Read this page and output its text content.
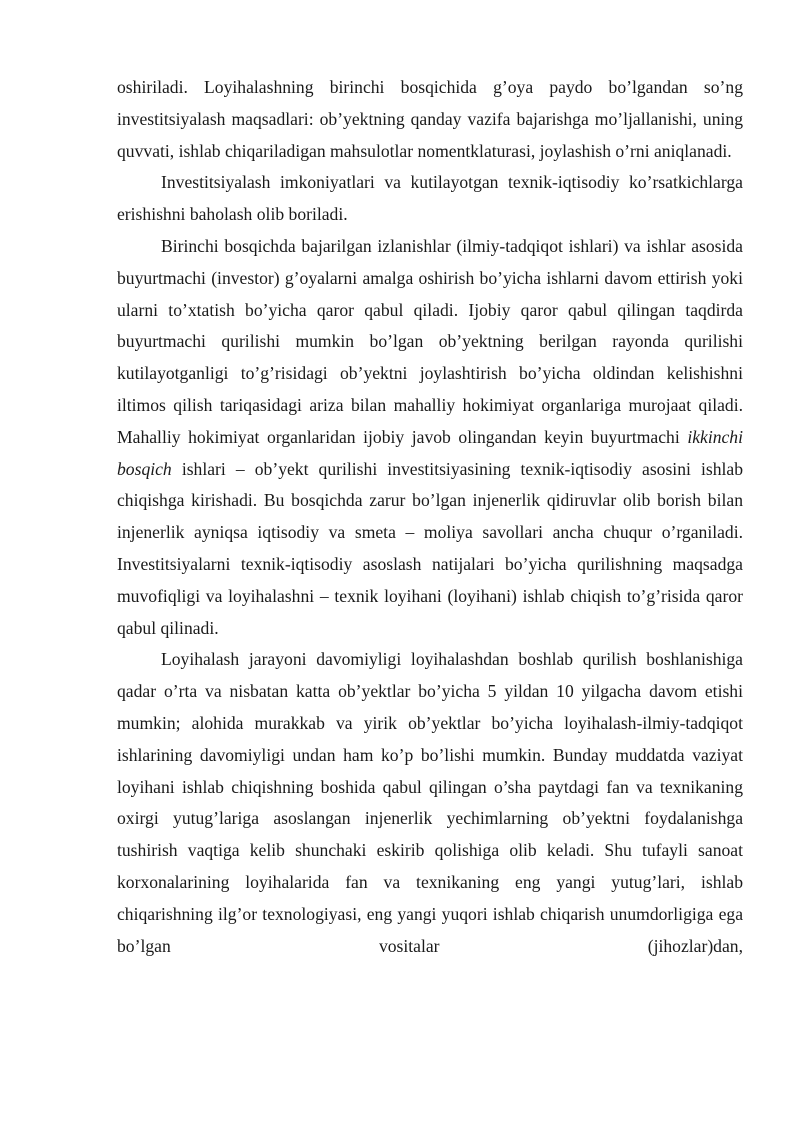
oshiriladi. Loyihalashning birinchi bosqichida g’oya paydo bo’lgandan so’ng investitsiyalash maqsadlari: ob’yektning qanday vazifa bajarishga mo’ljallanishi, uning quvvati, ishlab chiqariladigan mahsulotlar nomentklaturasi, joylashish o’rni aniqlanadi.

Investitsiyalash imkoniyatlari va kutilayotgan texnik-iqtisodiy ko’rsatkichlarga erishishni baholash olib boriladi.

Birinchi bosqichda bajarilgan izlanishlar (ilmiy-tadqiqot ishlari) va ishlar asosida buyurtmachi (investor) g’oyalarni amalga oshirish bo’yicha ishlarni davom ettirish yoki ularni to’xtatish bo’yicha qaror qabul qiladi. Ijobiy qaror qabul qilingan taqdirda buyurtmachi qurilishi mumkin bo’lgan ob’yektning berilgan rayonda qurilishi kutilayotganligi to’g’risidagi ob’yektni joylashtirish bo’yicha oldindan kelishishni iltimos qilish tariqasidagi ariza bilan mahalliy hokimiyat organlariga murojaat qiladi. Mahalliy hokimiyat organlaridan ijobiy javob olingandan keyin buyurtmachi ikkinchi bosqich ishlari – ob’yekt qurilishi investitsiyasining texnik-iqtisodiy asosini ishlab chiqishga kirishadi. Bu bosqichda zarur bo’lgan injenerlik qidiruvlar olib borish bilan injenerlik ayniqsa iqtisodiy va smeta – moliya savollari ancha chuqur o’rganiladi. Investitsiyalarni texnik-iqtisodiy asoslash natijalari bo’yicha qurilishning maqsadga muvofiqligi va loyihalashni – texnik loyihani (loyihani) ishlab chiqish to’g’risida qaror qabul qilinadi.

Loyihalash jarayoni davomiyligi loyihalashdan boshlab qurilish boshlanishiga qadar o’rta va nisbatan katta ob’yektlar bo’yicha 5 yildan 10 yilgacha davom etishi mumkin; alohida murakkab va yirik ob’yektlar bo’yicha loyihalash-ilmiy-tadqiqot ishlarining davomiyligi undan ham ko’p bo’lishi mumkin. Bunday muddatda vaziyat loyihani ishlab chiqishning boshida qabul qilingan o’sha paytdagi fan va texnikaning oxirgi yutug’lariga asoslangan injenerlik yechimlarning ob’yektni foydalanishga tushirish vaqtiga kelib shunchaki eskirib qolishiga olib keladi. Shu tufayli sanoat korxonalarining loyihalarida fan va texnikaning eng yangi yutug’lari, ishlab chiqarishning ilg’or texnologiyasi, eng yangi yuqori ishlab chiqarish unumdorligiga ega bo’lgan vositalar (jihozlar)dan,
